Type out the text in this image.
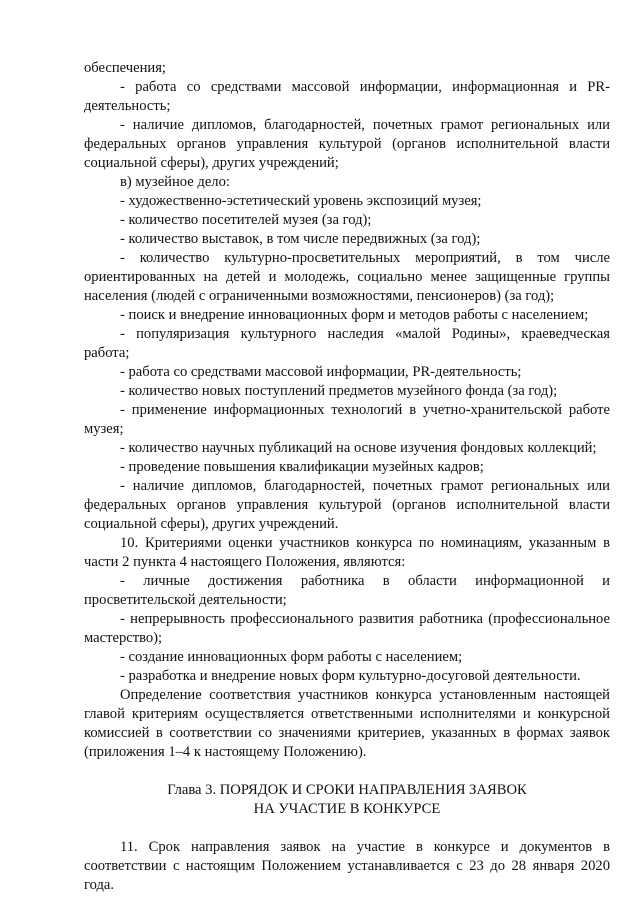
обеспечения;

- работа со средствами массовой информации, информационная и PR-деятельность;

- наличие дипломов, благодарностей, почетных грамот региональных или федеральных органов управления культурой (органов исполнительной власти социальной сферы), других учреждений;

в) музейное дело:

- художественно-эстетический уровень экспозиций музея;

- количество посетителей музея (за год);

- количество выставок, в том числе передвижных (за год);

- количество культурно-просветительных мероприятий, в том числе ориентированных на детей и молодежь, социально менее защищенные группы населения (людей с ограниченными возможностями, пенсионеров) (за год);

- поиск и внедрение инновационных форм и методов работы с населением;

- популяризация культурного наследия «малой Родины», краеведческая работа;

- работа со средствами массовой информации, PR-деятельность;

- количество новых поступлений предметов музейного фонда (за год);

- применение информационных технологий в учетно-хранительской работе музея;

- количество научных публикаций на основе изучения фондовых коллекций;

- проведение повышения квалификации музейных кадров;

- наличие дипломов, благодарностей, почетных грамот региональных или федеральных органов управления культурой (органов исполнительной власти социальной сферы), других учреждений.

10. Критериями оценки участников конкурса по номинациям, указанным в части 2 пункта 4 настоящего Положения, являются:

- личные достижения работника в области информационной и просветительской деятельности;

- непрерывность профессионального развития работника (профессиональное мастерство);

- создание инновационных форм работы с населением;

- разработка и внедрение новых форм культурно-досуговой деятельности.

Определение соответствия участников конкурса установленным настоящей главой критериям осуществляется ответственными исполнителями и конкурсной комиссией в соответствии со значениями критериев, указанных в формах заявок (приложения 1–4 к настоящему Положению).

Глава 3. ПОРЯДОК И СРОКИ НАПРАВЛЕНИЯ ЗАЯВОК

НА УЧАСТИЕ В КОНКУРСЕ

11. Срок направления заявок на участие в конкурсе и документов в соответствии с настоящим Положением устанавливается с 23 до 28 января 2020 года.
